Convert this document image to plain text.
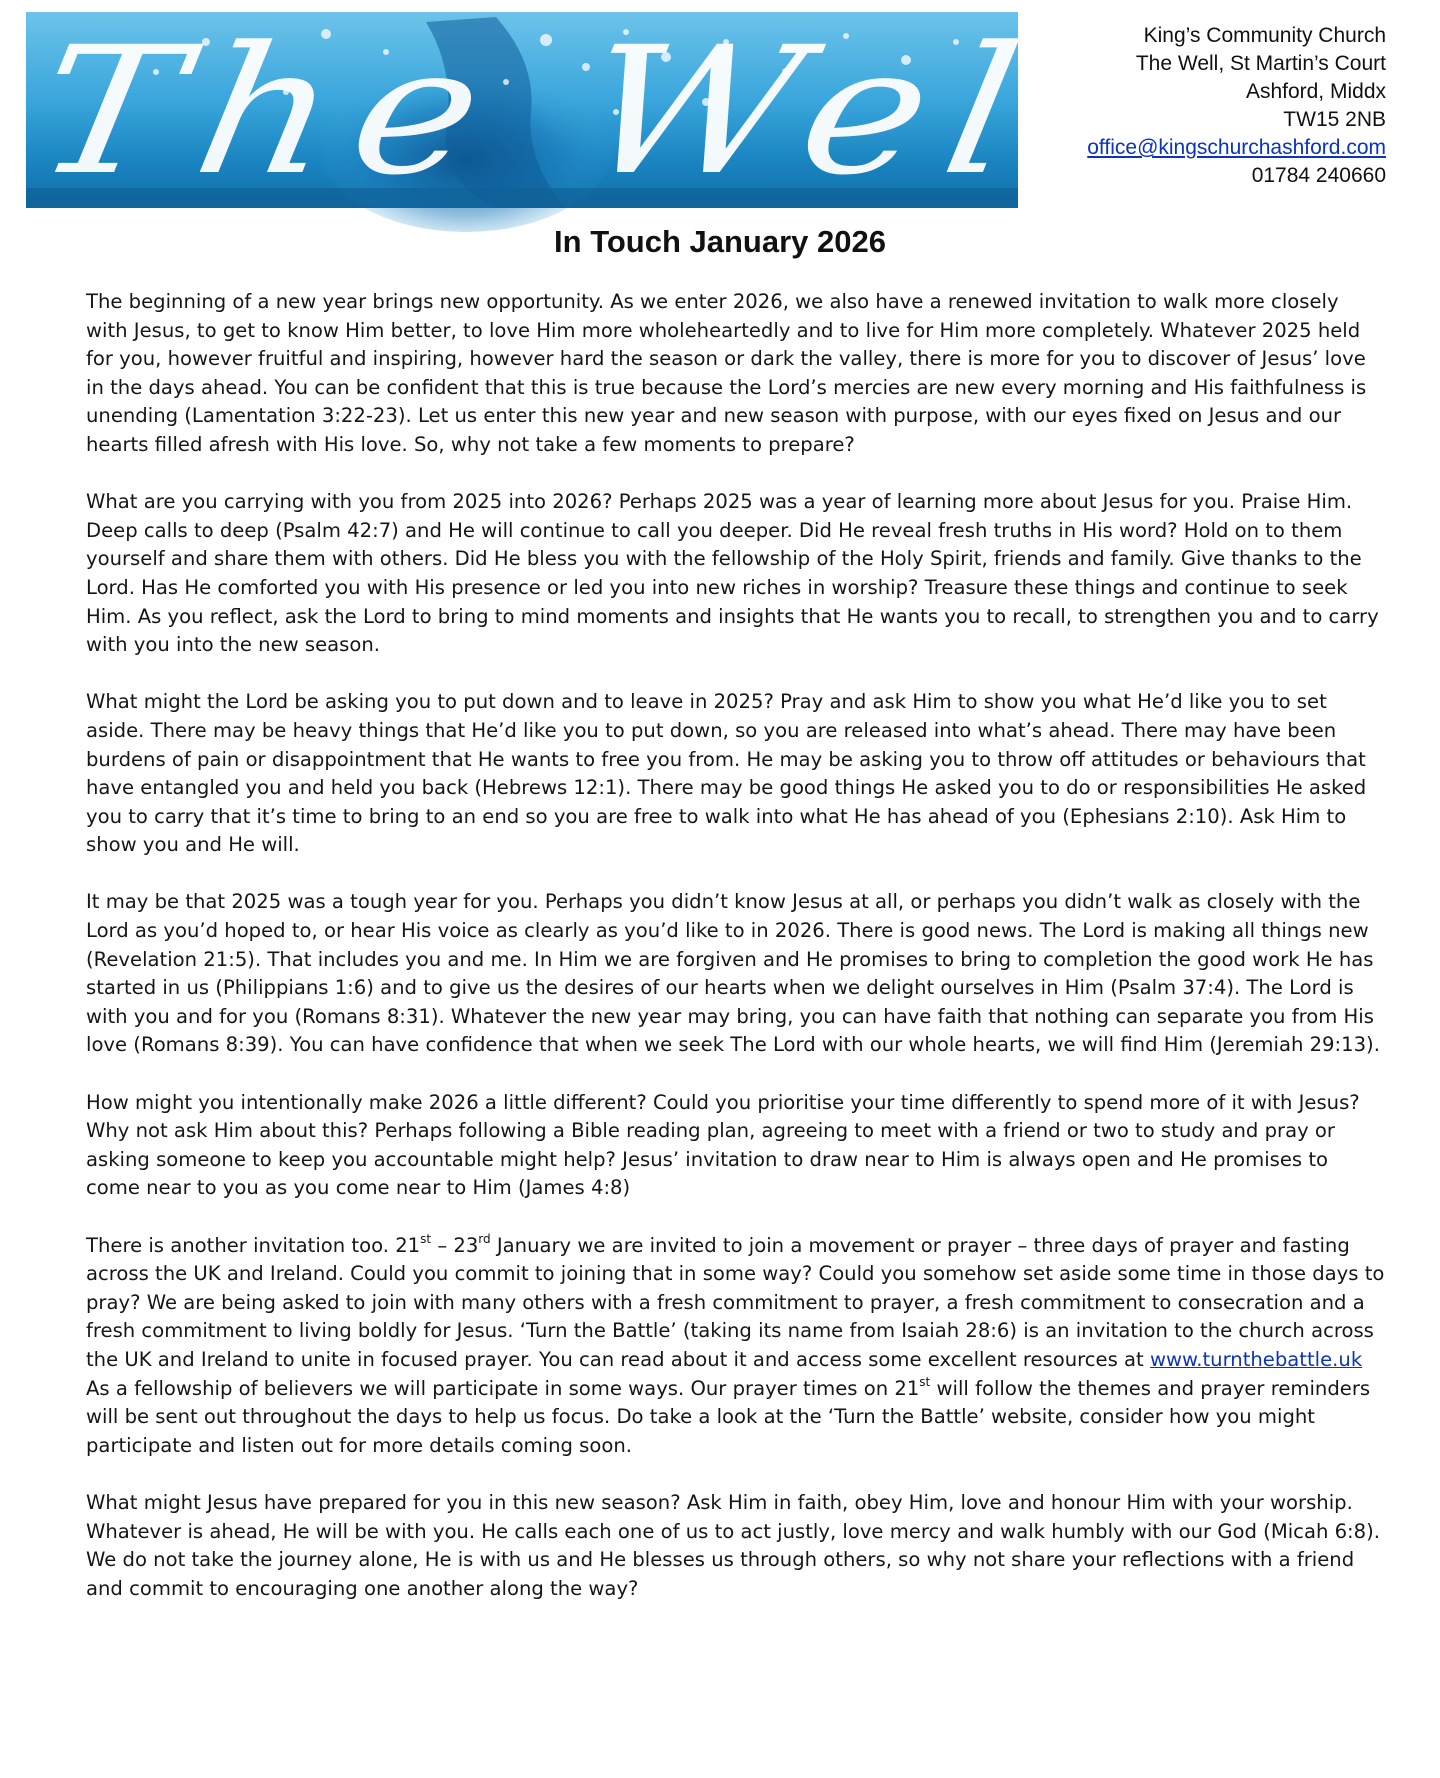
The Well King’s Community Church
The Well, St Martin’s Court
Ashford, Middx
TW15 2NB
office@kingschurchashford.com
01784 240660
In Touch January 2026

The beginning of a new year brings new opportunity. As we enter 2026, we also have a renewed invitation to walk more closely with Jesus, to get to know Him better, to love Him more wholeheartedly and to live for Him more completely. Whatever 2025 held for you, however fruitful and inspiring, however hard the season or dark the valley, there is more for you to discover of Jesus’ love in the days ahead. You can be confident that this is true because the Lord’s mercies are new every morning and His faithfulness is unending (Lamentation 3:22-23). Let us enter this new year and new season with purpose, with our eyes fixed on Jesus and our hearts filled afresh with His love. So, why not take a few moments to prepare?

What are you carrying with you from 2025 into 2026? Perhaps 2025 was a year of learning more about Jesus for you. Praise Him. Deep calls to deep (Psalm 42:7) and He will continue to call you deeper. Did He reveal fresh truths in His word? Hold on to them yourself and share them with others. Did He bless you with the fellowship of the Holy Spirit, friends and family. Give thanks to the Lord. Has He comforted you with His presence or led you into new riches in worship? Treasure these things and continue to seek Him. As you reflect, ask the Lord to bring to mind moments and insights that He wants you to recall, to strengthen you and to carry with you into the new season.

What might the Lord be asking you to put down and to leave in 2025? Pray and ask Him to show you what He’d like you to set aside. There may be heavy things that He’d like you to put down, so you are released into what’s ahead. There may have been burdens of pain or disappointment that He wants to free you from. He may be asking you to throw off attitudes or behaviours that have entangled you and held you back (Hebrews 12:1). There may be good things He asked you to do or responsibilities He asked you to carry that it’s time to bring to an end so you are free to walk into what He has ahead of you (Ephesians 2:10). Ask Him to show you and He will.

It may be that 2025 was a tough year for you. Perhaps you didn’t know Jesus at all, or perhaps you didn’t walk as closely with the Lord as you’d hoped to, or hear His voice as clearly as you’d like to in 2026. There is good news. The Lord is making all things new (Revelation 21:5). That includes you and me. In Him we are forgiven and He promises to bring to completion the good work He has started in us (Philippians 1:6) and to give us the desires of our hearts when we delight ourselves in Him (Psalm 37:4). The Lord is with you and for you (Romans 8:31). Whatever the new year may bring, you can have faith that nothing can separate you from His love (Romans 8:39). You can have confidence that when we seek The Lord with our whole hearts, we will find Him (Jeremiah 29:13).

How might you intentionally make 2026 a little different? Could you prioritise your time differently to spend more of it with Jesus? Why not ask Him about this? Perhaps following a Bible reading plan, agreeing to meet with a friend or two to study and pray or asking someone to keep you accountable might help? Jesus’ invitation to draw near to Him is always open and He promises to come near to you as you come near to Him (James 4:8)

There is another invitation too. 21st – 23rd January we are invited to join a movement or prayer – three days of prayer and fasting across the UK and Ireland. Could you commit to joining that in some way? Could you somehow set aside some time in those days to pray? We are being asked to join with many others with a fresh commitment to prayer, a fresh commitment to consecration and a fresh commitment to living boldly for Jesus. ‘Turn the Battle’ (taking its name from Isaiah 28:6) is an invitation to the church across the UK and Ireland to unite in focused prayer. You can read about it and access some excellent resources at www.turnthebattle.uk As a fellowship of believers we will participate in some ways. Our prayer times on 21st will follow the themes and prayer reminders will be sent out throughout the days to help us focus. Do take a look at the ‘Turn the Battle’ website, consider how you might participate and listen out for more details coming soon.

What might Jesus have prepared for you in this new season? Ask Him in faith, obey Him, love and honour Him with your worship. Whatever is ahead, He will be with you. He calls each one of us to act justly, love mercy and walk humbly with our God (Micah 6:8). We do not take the journey alone, He is with us and He blesses us through others, so why not share your reflections with a friend and commit to encouraging one another along the way?
